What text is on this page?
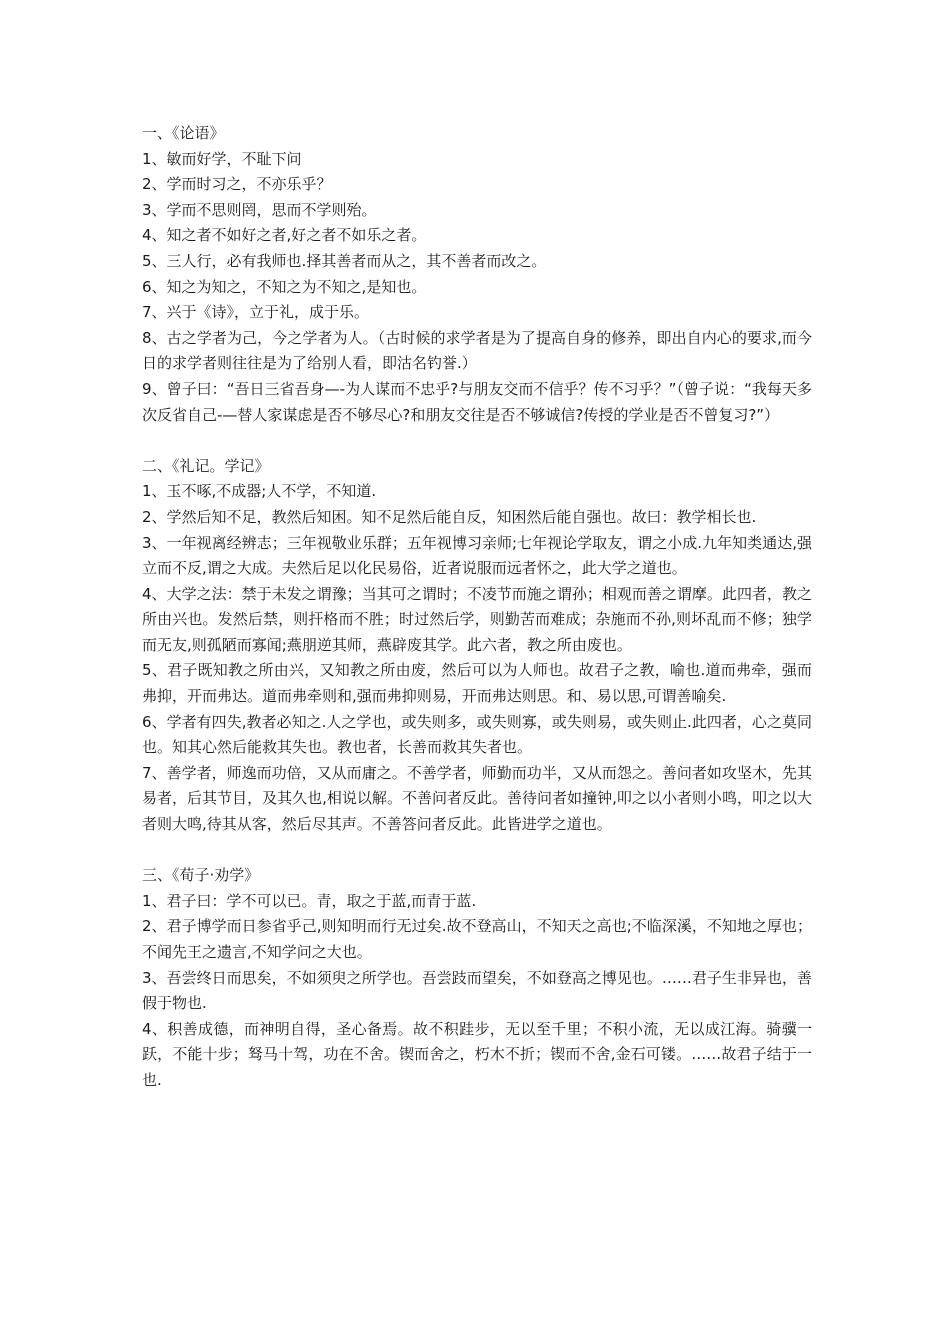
一、《论语》

1、敏而好学，不耻下问

2、学而时习之，不亦乐乎？

3、学而不思则罔，思而不学则殆。

4、知之者不如好之者,好之者不如乐之者。

5、三人行，必有我师也.择其善者而从之，其不善者而改之。

6、知之为知之，不知之为不知之,是知也。

7、兴于《诗》，立于礼，成于乐。

8、古之学者为己，今之学者为人。（古时候的求学者是为了提高自身的修养，即出自内心的要求,而今日的求学者则往往是为了给别人看，即沽名钓誉.）

9、曾子曰：“吾日三省吾身—-为人谋而不忠乎?与朋友交而不信乎？传不习乎？”（曾子说：“我每天多次反省自己-—替人家谋虑是否不够尽心?和朋友交往是否不够诚信?传授的学业是否不曾复习?”）

二、《礼记。学记》

1、玉不啄,不成器;人不学，不知道.

2、学然后知不足，教然后知困。知不足然后能自反，知困然后能自强也。故曰：教学相长也.

3、一年视离经辨志；三年视敬业乐群；五年视博习亲师;七年视论学取友，谓之小成.九年知类通达,强立而不反,谓之大成。夫然后足以化民易俗，近者说服而远者怀之，此大学之道也。

4、大学之法：禁于未发之谓豫；当其可之谓时；不凌节而施之谓孙；相观而善之谓摩。此四者，教之所由兴也。发然后禁，则扞格而不胜；时过然后学，则勤苦而难成；杂施而不孙,则坏乱而不修；独学而无友,则孤陋而寡闻;燕朋逆其师，燕辟废其学。此六者，教之所由废也。

5、君子既知教之所由兴，又知教之所由废，然后可以为人师也。故君子之教，喻也.道而弗牵，强而弗抑，开而弗达。道而弗牵则和,强而弗抑则易，开而弗达则思。和、易以思,可谓善喻矣.

6、学者有四失,教者必知之.人之学也，或失则多，或失则寡，或失则易，或失则止.此四者，心之莫同也。知其心然后能救其失也。教也者，长善而救其失者也。

7、善学者，师逸而功倍，又从而庸之。不善学者，师勤而功半，又从而怨之。善问者如攻坚木，先其易者，后其节目，及其久也,相说以解。不善问者反此。善待问者如撞钟,叩之以小者则小鸣，叩之以大者则大鸣,待其从客，然后尽其声。不善答问者反此。此皆进学之道也。

三、《荀子·劝学》

1、君子曰：学不可以已。青，取之于蓝,而青于蓝.

2、君子博学而日参省乎己,则知明而行无过矣.故不登高山，不知天之高也;不临深溪，不知地之厚也；不闻先王之遗言,不知学问之大也。

3、吾尝终日而思矣，不如须臾之所学也。吾尝跂而望矣，不如登高之博见也。……君子生非异也，善假于物也.

4、积善成德，而神明自得，圣心备焉。故不积跬步，无以至千里；不积小流，无以成江海。骑骥一跃，不能十步；驽马十驾，功在不舍。锲而舍之，朽木不折；锲而不舍,金石可镂。……故君子结于一也.
